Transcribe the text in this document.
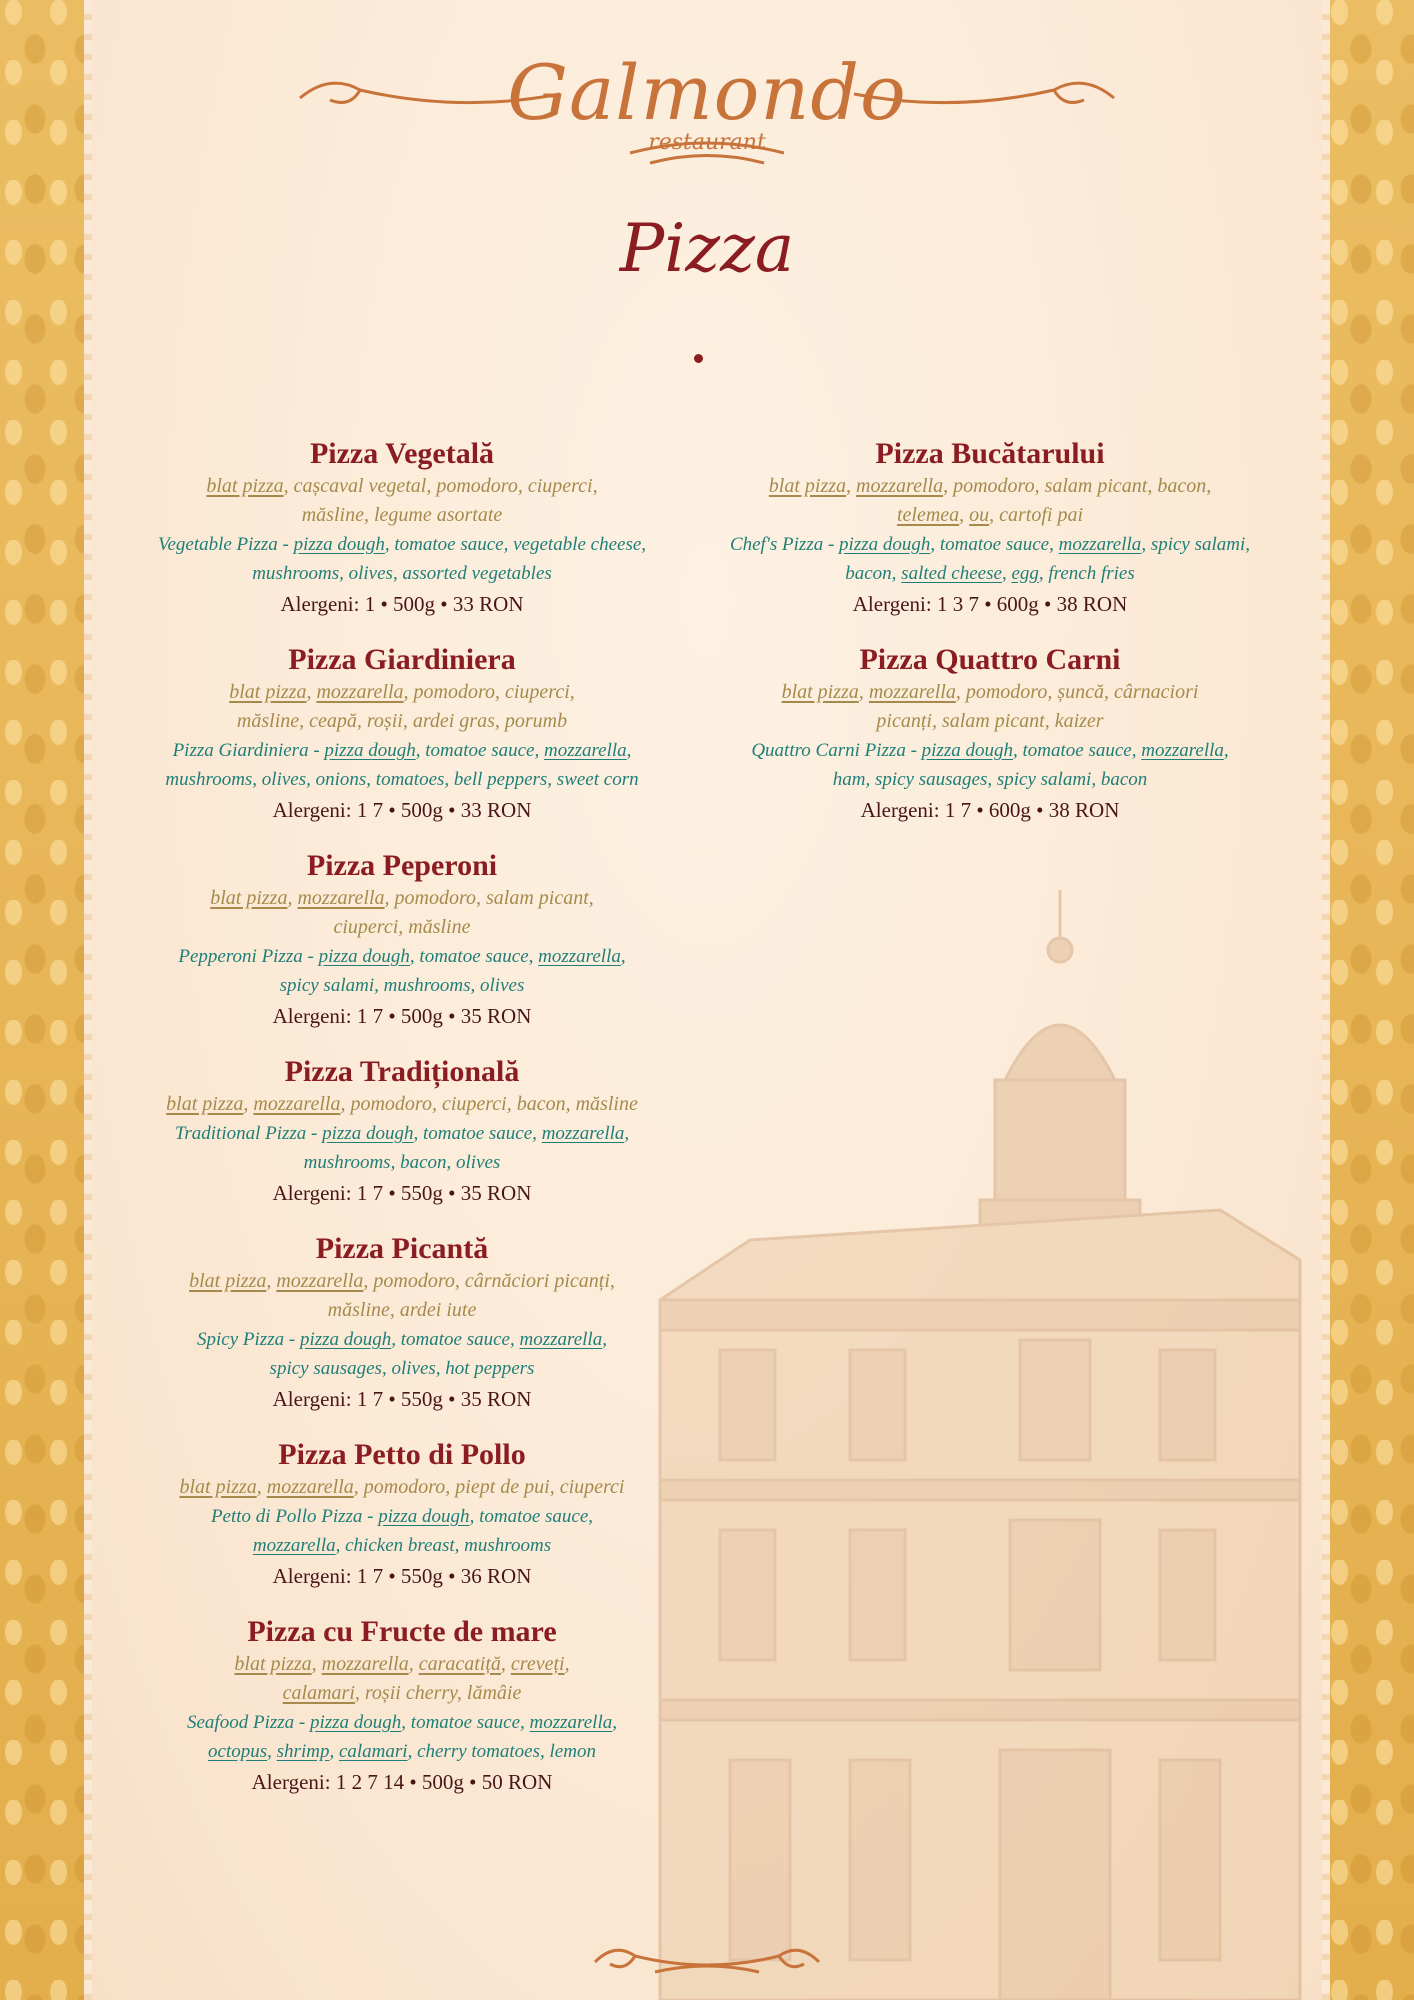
Galmondo
restaurant
Pizza
Pizza Vegetală
blat pizza, cașcaval vegetal, pomodoro, ciuperci,
măsline, legume asortate
Vegetable Pizza - pizza dough, tomatoe sauce, vegetable cheese,
mushrooms, olives, assorted vegetables
Alergeni: 1 • 500g • 33 RON
Pizza Giardiniera
blat pizza, mozzarella, pomodoro, ciuperci,
măsline, ceapă, roșii, ardei gras, porumb
Pizza Giardiniera - pizza dough, tomatoe sauce, mozzarella,
mushrooms, olives, onions, tomatoes, bell peppers, sweet corn
Alergeni: 1 7 • 500g • 33 RON
Pizza Peperoni
blat pizza, mozzarella, pomodoro, salam picant,
ciuperci, măsline
Pepperoni Pizza - pizza dough, tomatoe sauce, mozzarella,
spicy salami, mushrooms, olives
Alergeni: 1 7 • 500g • 35 RON
Pizza Tradițională
blat pizza, mozzarella, pomodoro, ciuperci, bacon, măsline
Traditional Pizza - pizza dough, tomatoe sauce, mozzarella,
mushrooms, bacon, olives
Alergeni: 1 7 • 550g • 35 RON
Pizza Picantă
blat pizza, mozzarella, pomodoro, cârnăciori picanți,
măsline, ardei iute
Spicy Pizza - pizza dough, tomatoe sauce, mozzarella,
spicy sausages, olives, hot peppers
Alergeni: 1 7 • 550g • 35 RON
Pizza Petto di Pollo
blat pizza, mozzarella, pomodoro, piept de pui, ciuperci
Petto di Pollo Pizza - pizza dough, tomatoe sauce,
mozzarella, chicken breast, mushrooms
Alergeni: 1 7 • 550g • 36 RON
Pizza cu Fructe de mare
blat pizza, mozzarella, caracatiță, creveți,
calamari, roșii cherry, lămâie
Seafood Pizza - pizza dough, tomatoe sauce, mozzarella,
octopus, shrimp, calamari, cherry tomatoes, lemon
Alergeni: 1 2 7 14 • 500g • 50 RON
Pizza Bucătarului
blat pizza, mozzarella, pomodoro, salam picant, bacon,
telemea, ou, cartofi pai
Chef's Pizza - pizza dough, tomatoe sauce, mozzarella, spicy salami,
bacon, salted cheese, egg, french fries
Alergeni: 1 3 7 • 600g • 38 RON
Pizza Quattro Carni
blat pizza, mozzarella, pomodoro, șuncă, cârnaciori
picanți, salam picant, kaizer
Quattro Carni Pizza - pizza dough, tomatoe sauce, mozzarella,
ham, spicy sausages, spicy salami, bacon
Alergeni: 1 7 • 600g • 38 RON
